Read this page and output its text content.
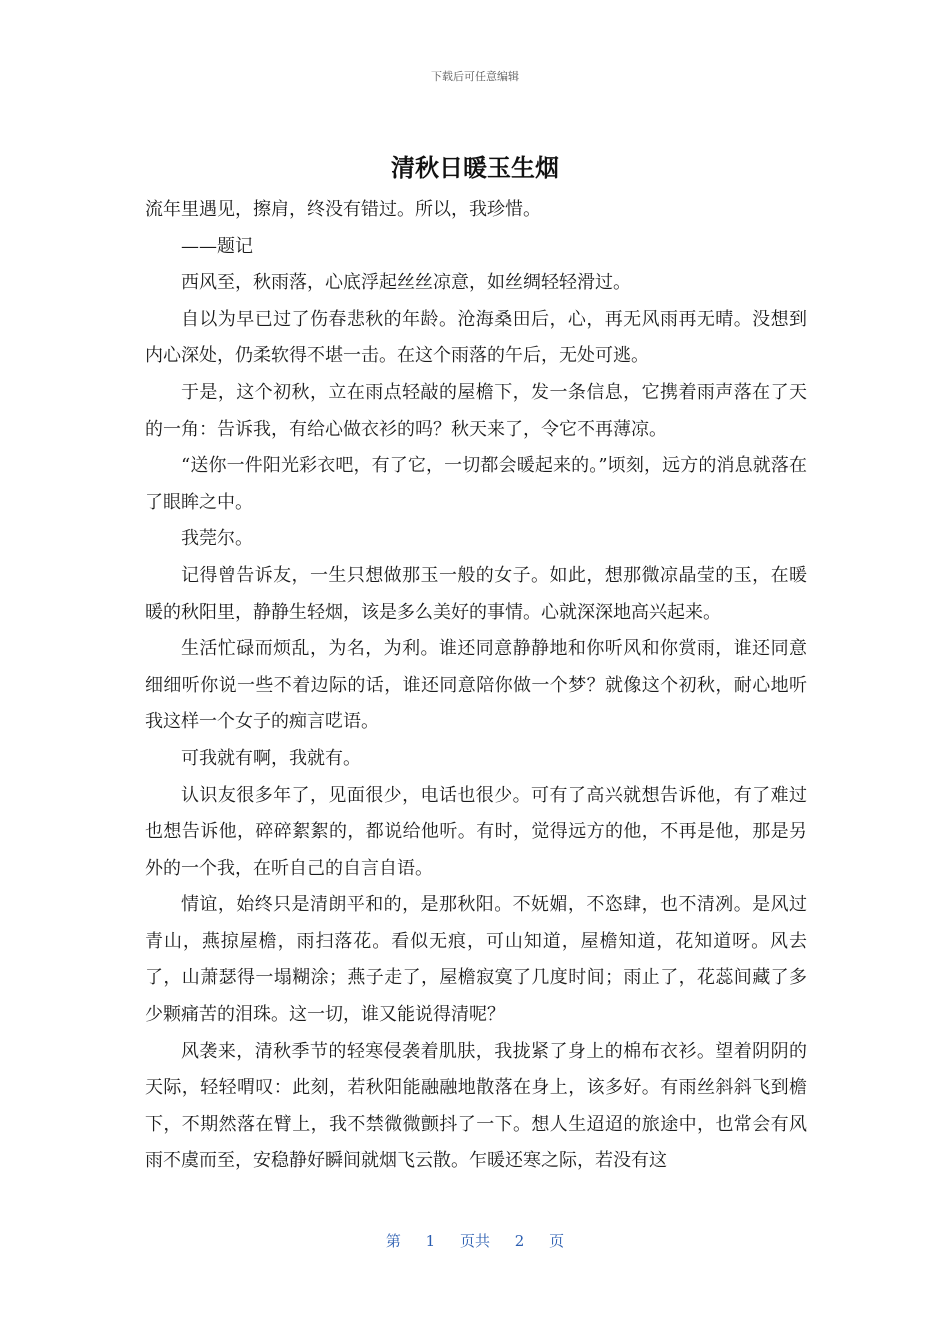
下载后可任意编辑
清秋日暖玉生烟

流年里遇见，擦肩，终没有错过。所以，我珍惜。

——题记

西风至，秋雨落，心底浮起丝丝凉意，如丝绸轻轻滑过。

自以为早已过了伤春悲秋的年龄。沧海桑田后，心，再无风雨再无晴。没想到内心深处，仍柔软得不堪一击。在这个雨落的午后，无处可逃。

于是，这个初秋，立在雨点轻敲的屋檐下，发一条信息，它携着雨声落在了天的一角：告诉我，有给心做衣衫的吗？秋天来了，令它不再薄凉。

“送你一件阳光彩衣吧，有了它，一切都会暖起来的。”顷刻，远方的消息就落在了眼眸之中。

我莞尔。

记得曾告诉友，一生只想做那玉一般的女子。如此，想那微凉晶莹的玉，在暖暖的秋阳里，静静生轻烟，该是多么美好的事情。心就深深地高兴起来。

生活忙碌而烦乱，为名，为利。谁还同意静静地和你听风和你赏雨，谁还同意细细听你说一些不着边际的话，谁还同意陪你做一个梦？就像这个初秋，耐心地听我这样一个女子的痴言呓语。

可我就有啊，我就有。

认识友很多年了，见面很少，电话也很少。可有了高兴就想告诉他，有了难过也想告诉他，碎碎絮絮的，都说给他听。有时，觉得远方的他，不再是他，那是另外的一个我，在听自己的自言自语。

情谊，始终只是清朗平和的，是那秋阳。不妩媚，不恣肆，也不清冽。是风过青山，燕掠屋檐，雨扫落花。看似无痕，可山知道，屋檐知道，花知道呀。风去了，山萧瑟得一塌糊涂；燕子走了，屋檐寂寞了几度时间；雨止了，花蕊间藏了多少颗痛苦的泪珠。这一切，谁又能说得清呢？

风袭来，清秋季节的轻寒侵袭着肌肤，我拢紧了身上的棉布衣衫。望着阴阴的天际，轻轻喟叹：此刻，若秋阳能融融地散落在身上，该多好。有雨丝斜斜飞到檐下，不期然落在臂上，我不禁微微颤抖了一下。想人生迢迢的旅途中，也常会有风雨不虞而至，安稳静好瞬间就烟飞云散。乍暖还寒之际，若没有这

第 1 页共 2 页
